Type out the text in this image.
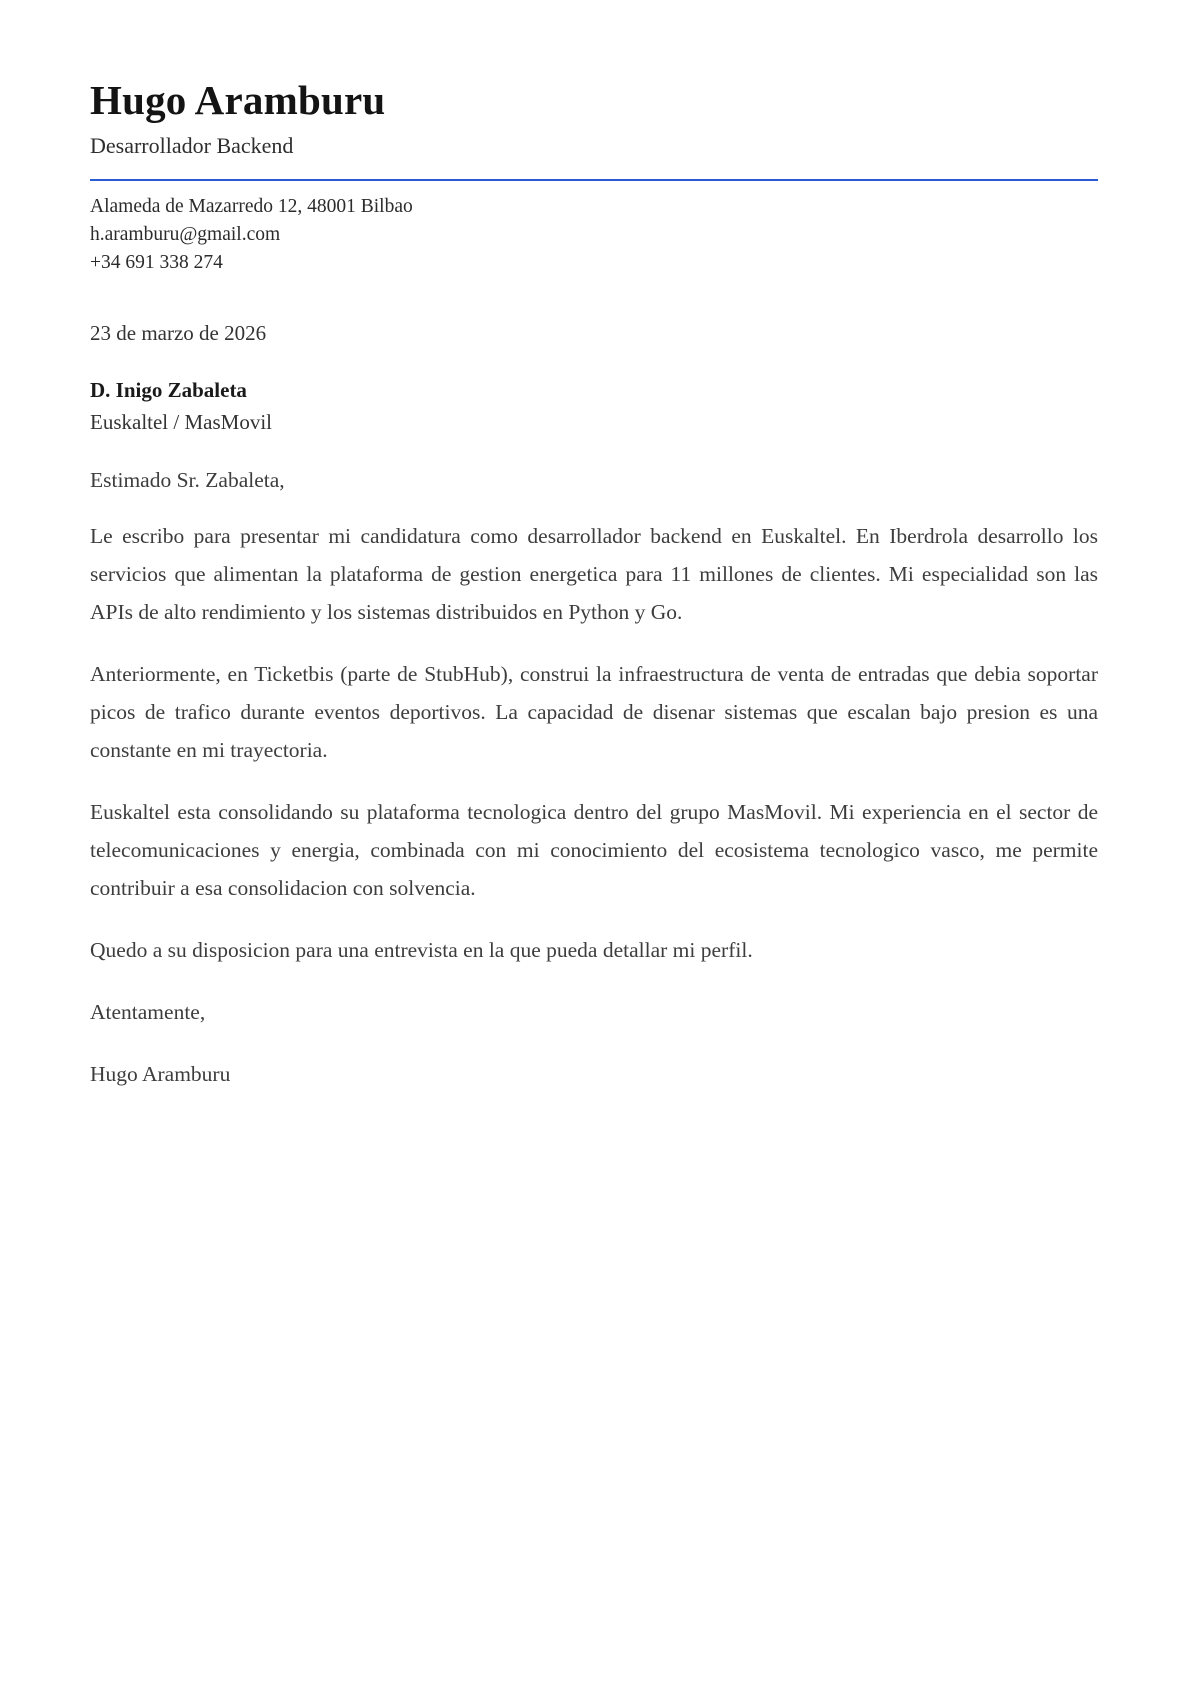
Hugo Aramburu

Desarrollador Backend

Alameda de Mazarredo 12, 48001 Bilbao
h.aramburu@gmail.com
+34 691 338 274
23 de marzo de 2026
D. Inigo Zabaleta
Euskaltel / MasMovil

Estimado Sr. Zabaleta,

Le escribo para presentar mi candidatura como desarrollador backend en Euskaltel. En Iberdrola desarrollo los servicios que alimentan la plataforma de gestion energetica para 11 millones de clientes. Mi especialidad son las APIs de alto rendimiento y los sistemas distribuidos en Python y Go.

Anteriormente, en Ticketbis (parte de StubHub), construi la infraestructura de venta de entradas que debia soportar picos de trafico durante eventos deportivos. La capacidad de disenar sistemas que escalan bajo presion es una constante en mi trayectoria.

Euskaltel esta consolidando su plataforma tecnologica dentro del grupo MasMovil. Mi experiencia en el sector de telecomunicaciones y energia, combinada con mi conocimiento del ecosistema tecnologico vasco, me permite contribuir a esa consolidacion con solvencia.

Quedo a su disposicion para una entrevista en la que pueda detallar mi perfil.

Atentamente,

Hugo Aramburu
